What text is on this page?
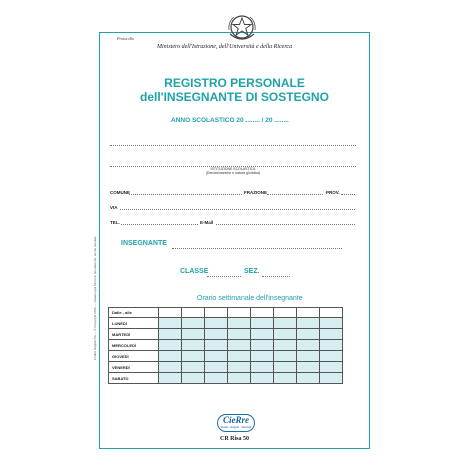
Protocollo
Ministero dell'Istruzione, dell'Università e della Ricerca
REGISTRO PERSONALE
dell'INSEGNANTE DI SOSTEGNO
ANNO SCOLASTICO 20 ........ / 20 ........
ISTITUZIONE SCOLASTICA
(Denominazione e natura giuridica)
COMUNE	FRAZIONE	PROV.
VIA
TEL.	E-Mail
INSEGNANTE
CLASSE	SEZ.
Orario settimanale dell'insegnante
Dalle - alle								
LUNEDÌ								
MARTEDÌ								
MERCOLEDÌ								
GIOVEDÌ								
VENERDÌ								
SABATO								
Codice Registri 5A — © Copyright 2015 — Vietata ogni forma di riproduzione, anche parziale
CieRre
Moduli - Registri - Stampati
CR Risa 50
